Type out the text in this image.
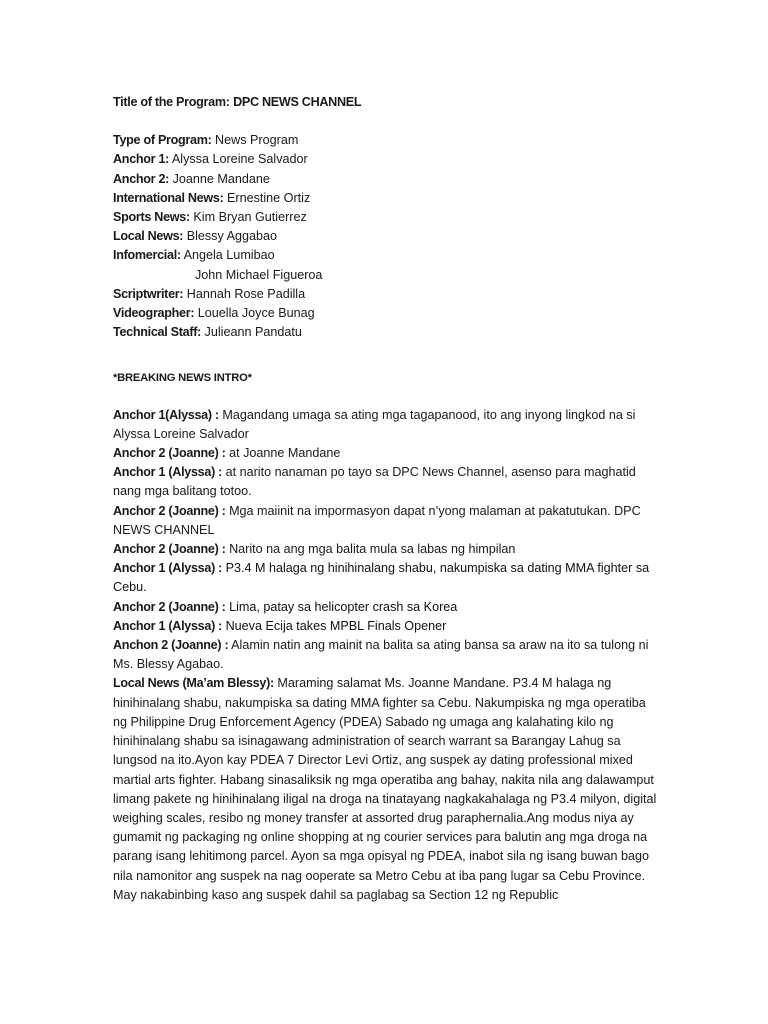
Title of the Program: DPC NEWS CHANNEL

Type of Program: News Program

Anchor 1: Alyssa Loreine Salvador

Anchor 2: Joanne Mandane

International News: Ernestine Ortiz

Sports News: Kim Bryan Gutierrez

Local News: Blessy Aggabao

Infomercial: Angela Lumibao

John Michael Figueroa

Scriptwriter: Hannah Rose Padilla

Videographer: Louella Joyce Bunag

Technical Staff: Julieann Pandatu

*BREAKING NEWS INTRO*

Anchor 1(Alyssa) : Magandang umaga sa ating mga tagapanood, ito ang inyong lingkod na si Alyssa Loreine Salvador

Anchor 2 (Joanne) : at Joanne Mandane

Anchor 1 (Alyssa) : at narito nanaman po tayo sa DPC News Channel, asenso para maghatid nang mga balitang totoo.

Anchor 2 (Joanne) : Mga maiinit na impormasyon dapat n’yong malaman at pakatutukan. DPC NEWS CHANNEL

Anchor 2 (Joanne) : Narito na ang mga balita mula sa labas ng himpilan

Anchor 1 (Alyssa) : P3.4 M halaga ng hinihinalang shabu, nakumpiska sa dating MMA fighter sa Cebu.

Anchor 2 (Joanne) : Lima, patay sa helicopter crash sa Korea

Anchor 1 (Alyssa) : Nueva Ecija takes MPBL Finals Opener

Anchon 2 (Joanne) : Alamin natin ang mainit na balita sa ating bansa sa araw na ito sa tulong ni Ms. Blessy Agabao.

Local News (Ma’am Blessy): Maraming salamat Ms. Joanne Mandane. P3.4 M halaga ng hinihinalang shabu, nakumpiska sa dating MMA fighter sa Cebu. Nakumpiska ng mga operatiba ng Philippine Drug Enforcement Agency (PDEA) Sabado ng umaga ang kalahating kilo ng hinihinalang shabu sa isinagawang administration of search warrant sa Barangay Lahug sa lungsod na ito.Ayon kay PDEA 7 Director Levi Ortiz, ang suspek ay dating professional mixed martial arts fighter. Habang sinasaliksik ng mga operatiba ang bahay, nakita nila ang dalawamput limang pakete ng hinihinalang iligal na droga na tinatayang nagkakahalaga ng P3.4 milyon, digital weighing scales, resibo ng money transfer at assorted drug paraphernalia.Ang modus niya ay gumamit ng packaging ng online shopping at ng courier services para balutin ang mga droga na parang isang lehitimong parcel. Ayon sa mga opisyal ng PDEA, inabot sila ng isang buwan bago nila namonitor ang suspek na nag ooperate sa Metro Cebu at iba pang lugar sa Cebu Province. May nakabinbing kaso ang suspek dahil sa paglabag sa Section 12 ng Republic
